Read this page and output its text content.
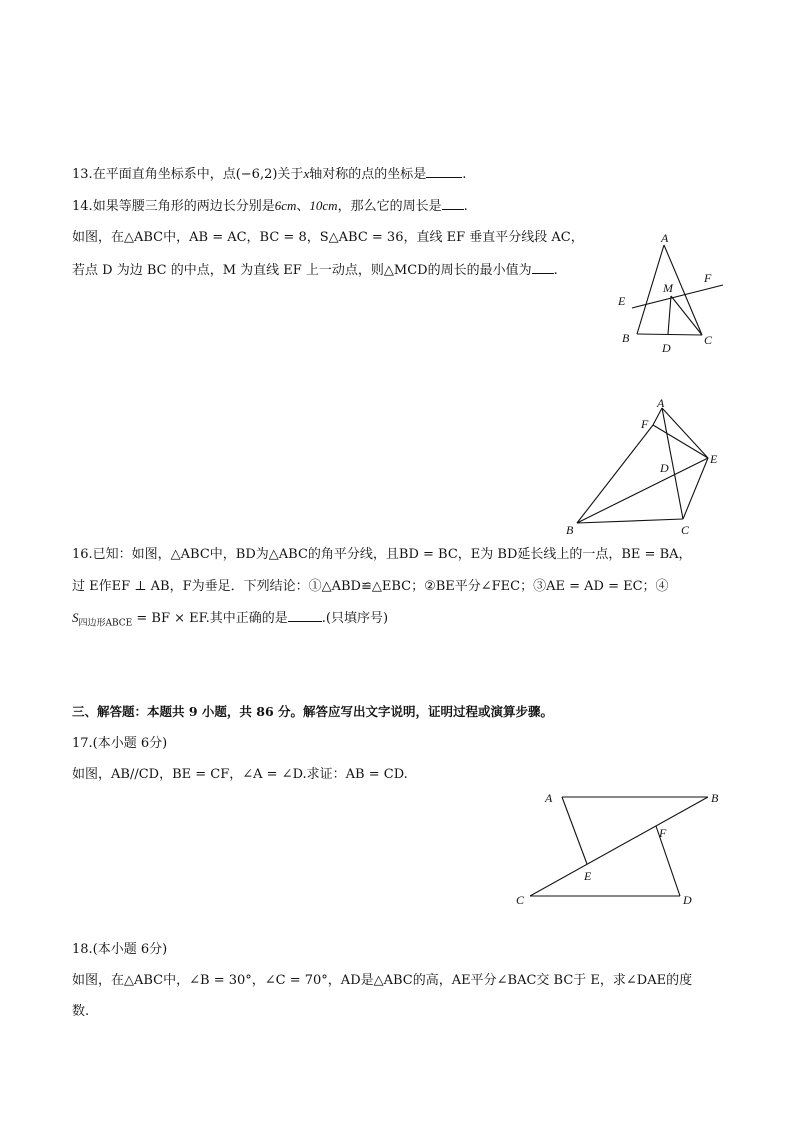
13.在平面直角坐标系中，点(−6,2)关于x轴对称的点的坐标是	.
14.如果等腰三角形的两边长分别是6cm、10cm，那么它的周长是 .
如图，在△ABC中，AB = AC，BC = 8，S△ABC = 36，直线 EF 垂直平分线段 AC，
若点 D 为边 BC 的中点，M 为直线 EF 上一动点，则△MCD的周长的最小值为 .
A
F
E
M
B
D
C
A
F
E
D
B	C
16.已知：如图，△ABC中，BD为△ABC的角平分线，且BD = BC，E为 BD延长线上的一点，BE = BA，
过 E作EF ⊥ AB，F为垂足．下列结论：①△ABD≌△EBC；②BE平分∠FEC；③AE = AD = EC；④
$S_{四边形ABCE}$ = BF × EF.其中正确的是	.(只填序号)
三、解答题：本题共 9 小题，共 86 分。解答应写出文字说明，证明过程或演算步骤。
17.(本小题 6分)
如图，AB//CD，BE = CF，∠A = ∠D.求证：AB = CD.
A	B
F
E
C	D
18.(本小题 6分)
如图，在△ABC中，∠B = 30°，∠C = 70°，AD是△ABC的高，AE平分∠BAC交 BC于 E，求∠DAE的度
数.
